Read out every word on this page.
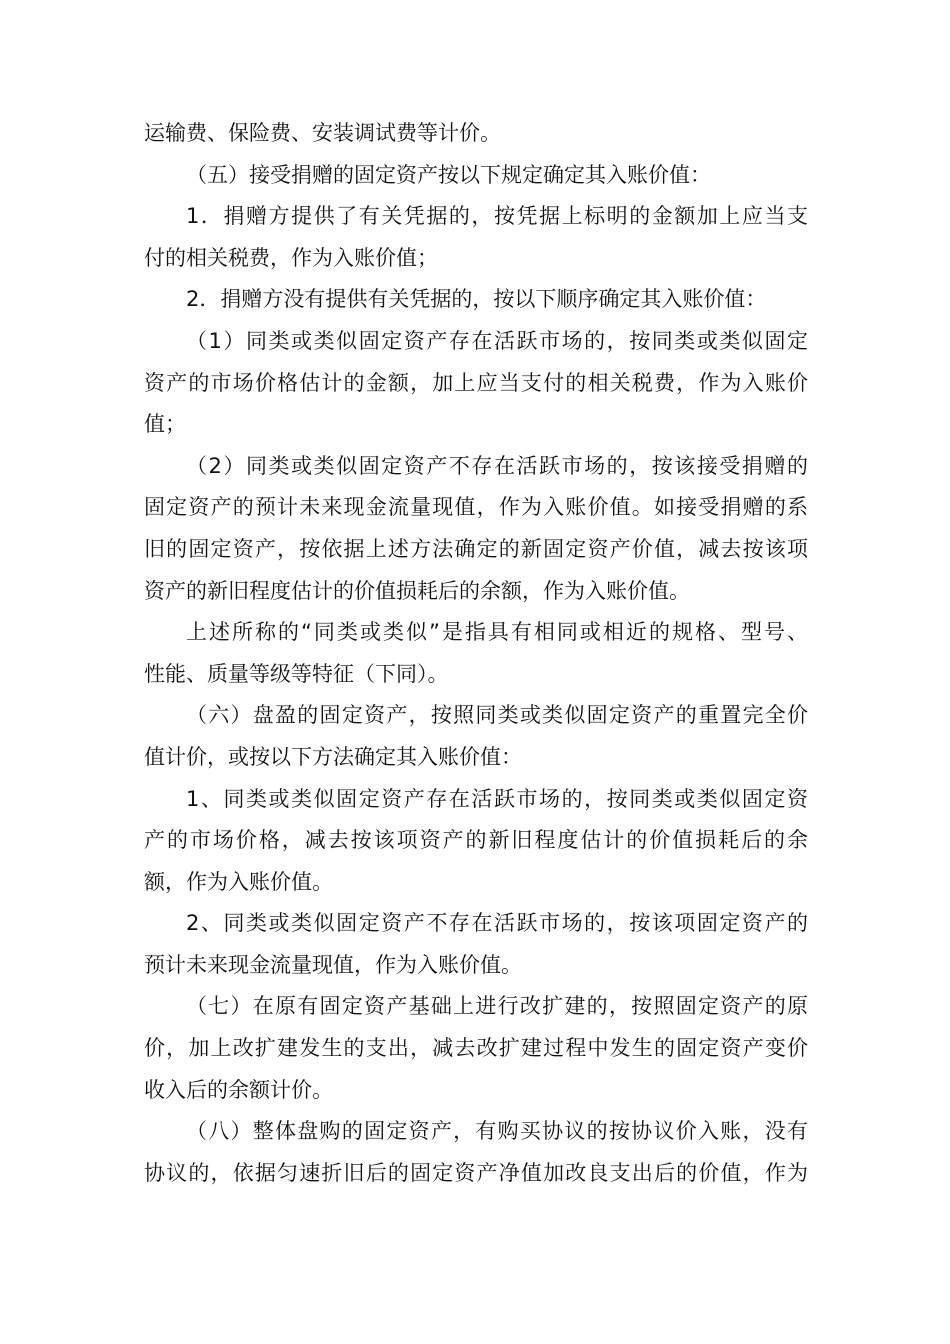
运输费、保险费、安装调试费等计价。
（五）接受捐赠的固定资产按以下规定确定其入账价值：
1．捐赠方提供了有关凭据的，按凭据上标明的金额加上应当支
付的相关税费，作为入账价值；
2．捐赠方没有提供有关凭据的，按以下顺序确定其入账价值：
（1）同类或类似固定资产存在活跃市场的，按同类或类似固定
资产的市场价格估计的金额，加上应当支付的相关税费，作为入账价
值；
（2）同类或类似固定资产不存在活跃市场的，按该接受捐赠的
固定资产的预计未来现金流量现值，作为入账价值。如接受捐赠的系
旧的固定资产，按依据上述方法确定的新固定资产价值，减去按该项
资产的新旧程度估计的价值损耗后的余额，作为入账价值。
上述所称的“同类或类似”是指具有相同或相近的规格、型号、
性能、质量等级等特征（下同）。
（六）盘盈的固定资产，按照同类或类似固定资产的重置完全价
值计价，或按以下方法确定其入账价值：
1、同类或类似固定资产存在活跃市场的，按同类或类似固定资
产的市场价格，减去按该项资产的新旧程度估计的价值损耗后的余
额，作为入账价值。
2、同类或类似固定资产不存在活跃市场的，按该项固定资产的
预计未来现金流量现值，作为入账价值。
（七）在原有固定资产基础上进行改扩建的，按照固定资产的原
价，加上改扩建发生的支出，减去改扩建过程中发生的固定资产变价
收入后的余额计价。
（八）整体盘购的固定资产，有购买协议的按协议价入账，没有
协议的，依据匀速折旧后的固定资产净值加改良支出后的价值，作为
